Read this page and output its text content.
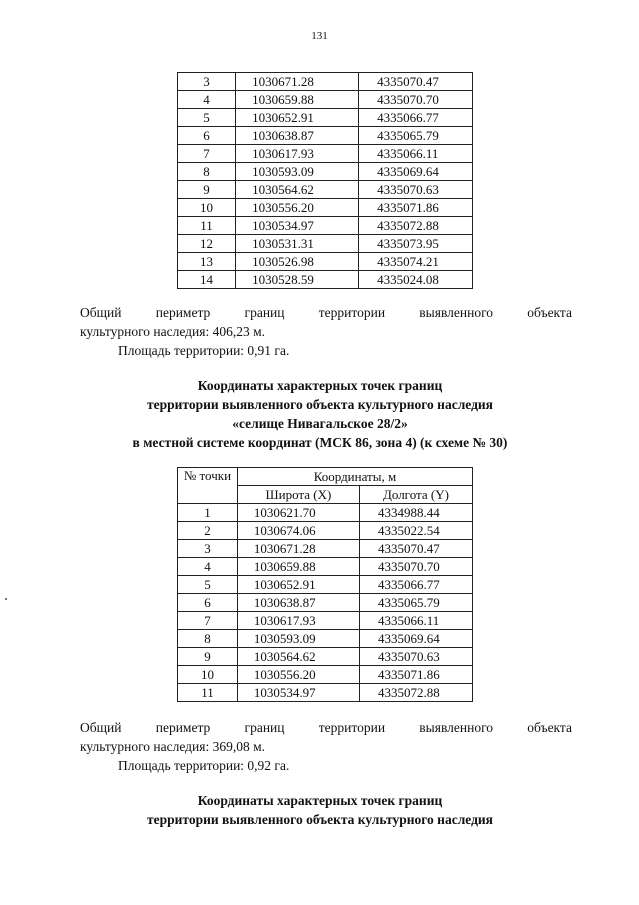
131
3	1030671.28	4335070.47
4	1030659.88	4335070.70
5	1030652.91	4335066.77
6	1030638.87	4335065.79
7	1030617.93	4335066.11
8	1030593.09	4335069.64
9	1030564.62	4335070.63
10	1030556.20	4335071.86
11	1030534.97	4335072.88
12	1030531.31	4335073.95
13	1030526.98	4335074.21
14	1030528.59	4335024.08
Общий периметр границ территории выявленного объекта
культурного наследия: 406,23 м.
Площадь территории: 0,91 га.
Координаты характерных точек границ
территории выявленного объекта культурного наследия
«селище Нивагальское 28/2»
в местной системе координат (МСК 86, зона 4) (к схеме № 30)
№ точки	Координаты, м	
	Широта (X)	Долгота (Y)
1	1030621.70	4334988.44
2	1030674.06	4335022.54
3	1030671.28	4335070.47
4	1030659.88	4335070.70
5	1030652.91	4335066.77
6	1030638.87	4335065.79
7	1030617.93	4335066.11
8	1030593.09	4335069.64
9	1030564.62	4335070.63
10	1030556.20	4335071.86
11	1030534.97	4335072.88
Общий периметр границ территории выявленного объекта
культурного наследия: 369,08 м.
Площадь территории: 0,92 га.
Координаты характерных точек границ
территории выявленного объекта культурного наследия
